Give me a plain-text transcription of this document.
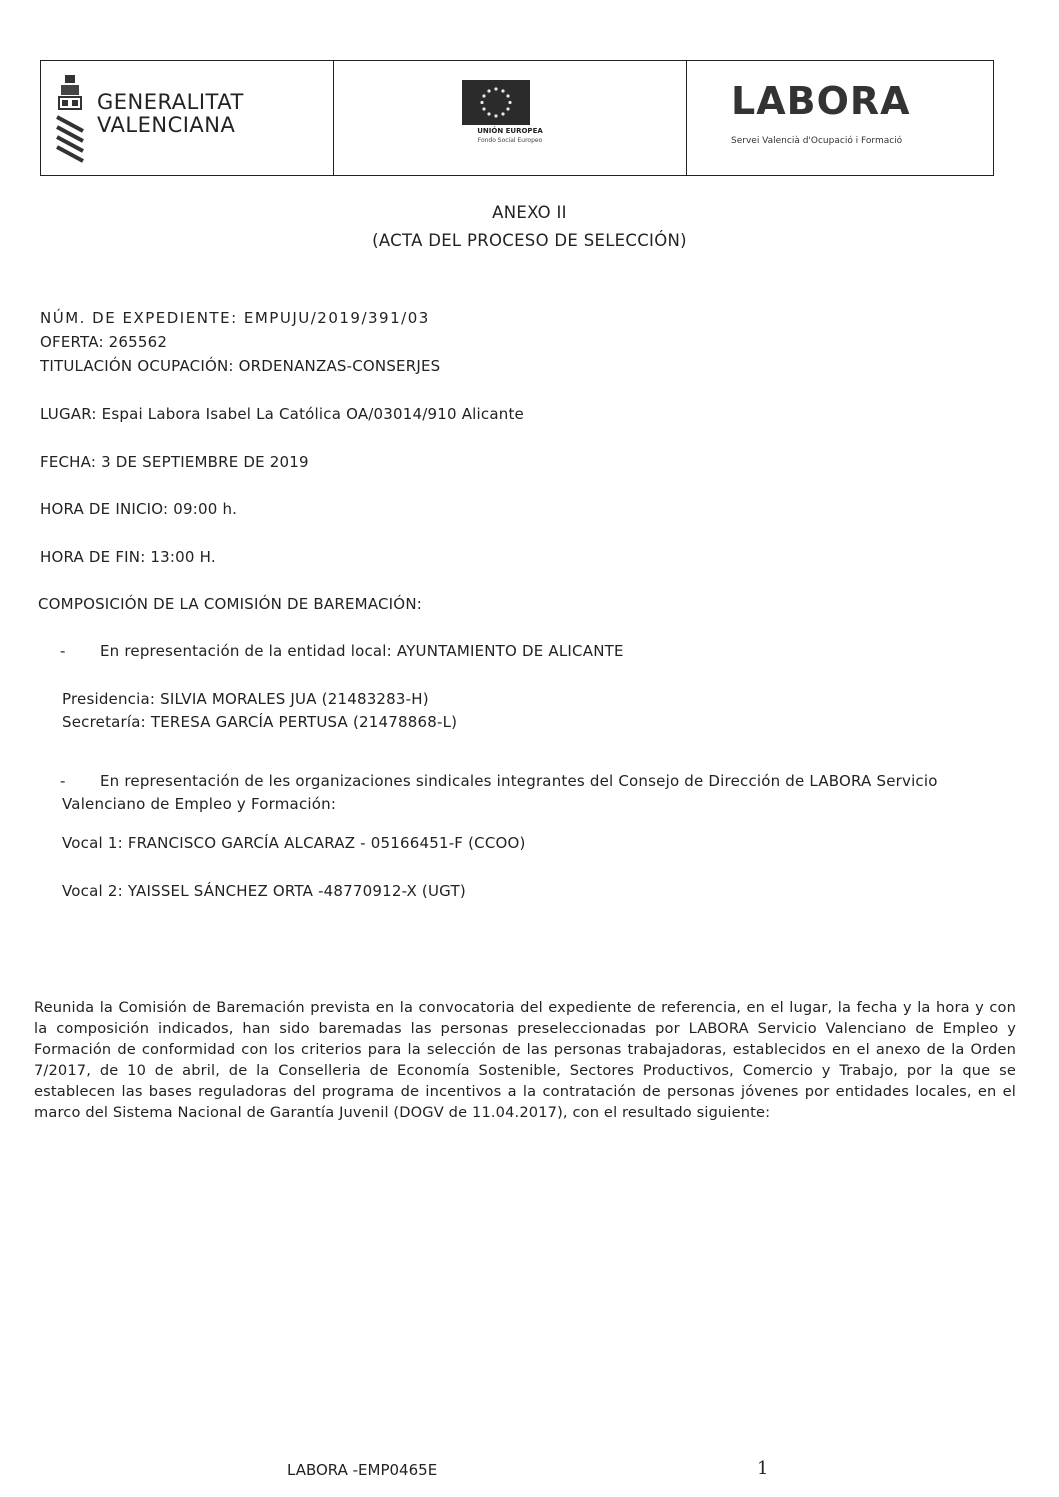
GENERALITAT
VALENCIANA	UNIÓN EUROPEA
Fondo Social Europeo
LABORA
Servei Valencià d'Ocupació i Formació
ANEXO II
(ACTA DEL PROCESO DE SELECCIÓN)
NÚM. DE EXPEDIENTE: EMPUJU/2019/391/03
OFERTA: 265562
TITULACIÓN OCUPACIÓN: ORDENANZAS-CONSERJES
LUGAR: Espai Labora Isabel La Católica OA/03014/910 Alicante
FECHA: 3 DE SEPTIEMBRE DE 2019
HORA DE INICIO: 09:00 h.
HORA DE FIN: 13:00 H.
COMPOSICIÓN DE LA COMISIÓN DE BAREMACIÓN:
- En representación de la entidad local: AYUNTAMIENTO DE ALICANTE
Presidencia: SILVIA MORALES JUA (21483283-H)
Secretaría: TERESA GARCÍA PERTUSA (21478868-L)
- En representación de les organizaciones sindicales integrantes del Consejo de Dirección de LABORA Servicio
Valenciano de Empleo y Formación:
Vocal 1: FRANCISCO GARCÍA ALCARAZ - 05166451-F (CCOO)
Vocal 2: YAISSEL SÁNCHEZ ORTA -48770912-X (UGT)
Reunida la Comisión de Baremación prevista en la convocatoria del expediente de referencia, en el lugar, la fecha y la hora y con la composición indicados, han sido baremadas las personas preseleccionadas por LABORA Servicio Valenciano de Empleo y Formación de conformidad con los criterios para la selección de las personas trabajadoras, establecidos en el anexo de la Orden 7/2017, de 10 de abril, de la Conselleria de Economía Sostenible, Sectores Productivos, Comercio y Trabajo, por la que se establecen las bases reguladoras del programa de incentivos a la contratación de personas jóvenes por entidades locales, en el marco del Sistema Nacional de Garantía Juvenil (DOGV de 11.04.2017), con el resultado siguiente:
LABORA -EMP0465E	1
